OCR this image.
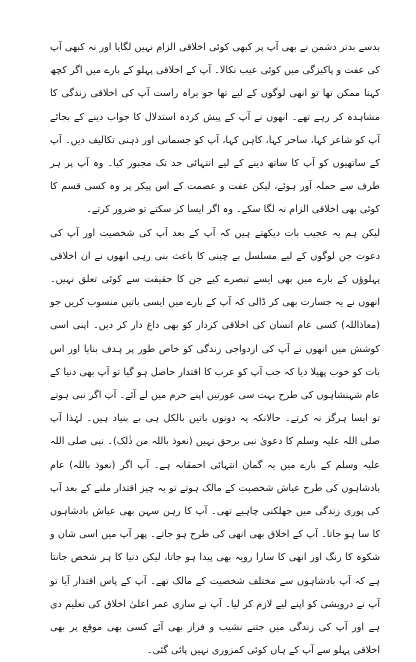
بدسے بدتر دشمن نے بھی آپ پر کبھی کوئی اخلاقی الزام نہیں لگایا اور نہ کبھی آپ کی عفت و پاکیزگی میں کوئی عیب نکالا۔ آپ کے اخلاقی پہلو کے بارے میں اگر کچھ کہنا ممکن تھا تو انھی لوگوں کے لیے تھا جو براہ راست آپ کی اخلاقی زندگی کا مشاہدہ کر رہے تھے۔ انھوں نے آپ کے پیش کردہ استدلال کا جواب دینے کے بجائے آپ کو شاعر کہا، ساحر کہا، کاہن کہا، آپ کو جسمانی اور ذہنی تکالیف دیں۔ آپ کے ساتھیوں کو آپ کا ساتھ دینے کے لیے انتہائی حد تک مجبور کیا۔ وہ آپ پر ہر طرف سے حملہ آور ہوئے، لیکن عفت و عصمت کے اس پیکر پر وہ کسی قسم کا کوئی بھی اخلاقی الزام نہ لگا سکے۔ وہ اگر ایسا کر سکتے تو ضرور کرتے۔

لیکن ہم یہ عجیب بات دیکھتے ہیں کہ آپ کے بعد آپ کی شخصیت اور آپ کی دعوت جن لوگوں کے لیے مسلسل بے چینی کا باعث بنی رہی انھوں نے ان اخلاقی پہلوؤں کے بارے میں بھی ایسے تبصرے کیے جن کا حقیقت سے کوئی تعلق نہیں۔ انھوں نے یہ جسارت بھی کر ڈالی کہ آپ کے بارے میں ایسی باتیں منسوب کریں جو (معاذاللہ) کسی عام انسان کی اخلاقی کردار کو بھی داغ دار کر دیں۔ اپنی اسی کوشش میں انھوں نے آپ کی ازدواجی زندگی کو خاص طور پر ہدف بنایا اور اس بات کو خوب پھیلا دیا کہ جب آپ کو عرب کا اقتدار حاصل ہو گیا تو آپ بھی دنیا کے عام شہنشاہوں کی طرح بہت سی عورتیں اپنے حرم میں لے آئے۔ آپ اگر نبی ہوتے تو ایسا ہرگز نہ کرتے۔ حالانکہ یہ دونوں باتیں بالکل ہی بے بنیاد ہیں۔ لہٰذا آپ صلی اللہ علیہ وسلم کا دعویٰ نبی برحق نہیں (نعوذ باللہ من ذٰلک)۔ نبی صلی اللہ علیہ وسلم کے بارے میں یہ گمان انتہائی احمقانہ ہے۔ آپ اگر (نعوذ باللہ) عام بادشاہوں کی طرح عیاش شخصیت کے مالک ہوتے تو یہ چیز اقتدار ملنے کے بعد آپ کی پوری زندگی میں جھلکنی چاہیے تھی۔ آپ کا رہن سہن بھی عیاش بادشاہوں کا سا ہو جاتا۔ آپ کے اخلاق بھی انھی کی طرح ہو جاتے۔ پھر آپ میں اسی شان و شکوہ کا رنگ اور انھی کا سارا رویہ بھی پیدا ہو جاتا، لیکن دنیا کا ہر شخص جانتا ہے کہ آپ بادشاہوں سے مختلف شخصیت کے مالک تھے۔ آپ کے پاس اقتدار آیا تو آپ نے درویشی کو اپنے لیے لازم کر لیا۔ آپ نے ساری عمر اعلیٰ اخلاق کی تعلیم دی ہے اور آپ کی زندگی میں جتنے نشیب و فراز بھی آئے کسی بھی موقع پر بھی اخلاقی پہلو سے آپ کے ہاں کوئی کمزوری نہیں پائی گئی۔
